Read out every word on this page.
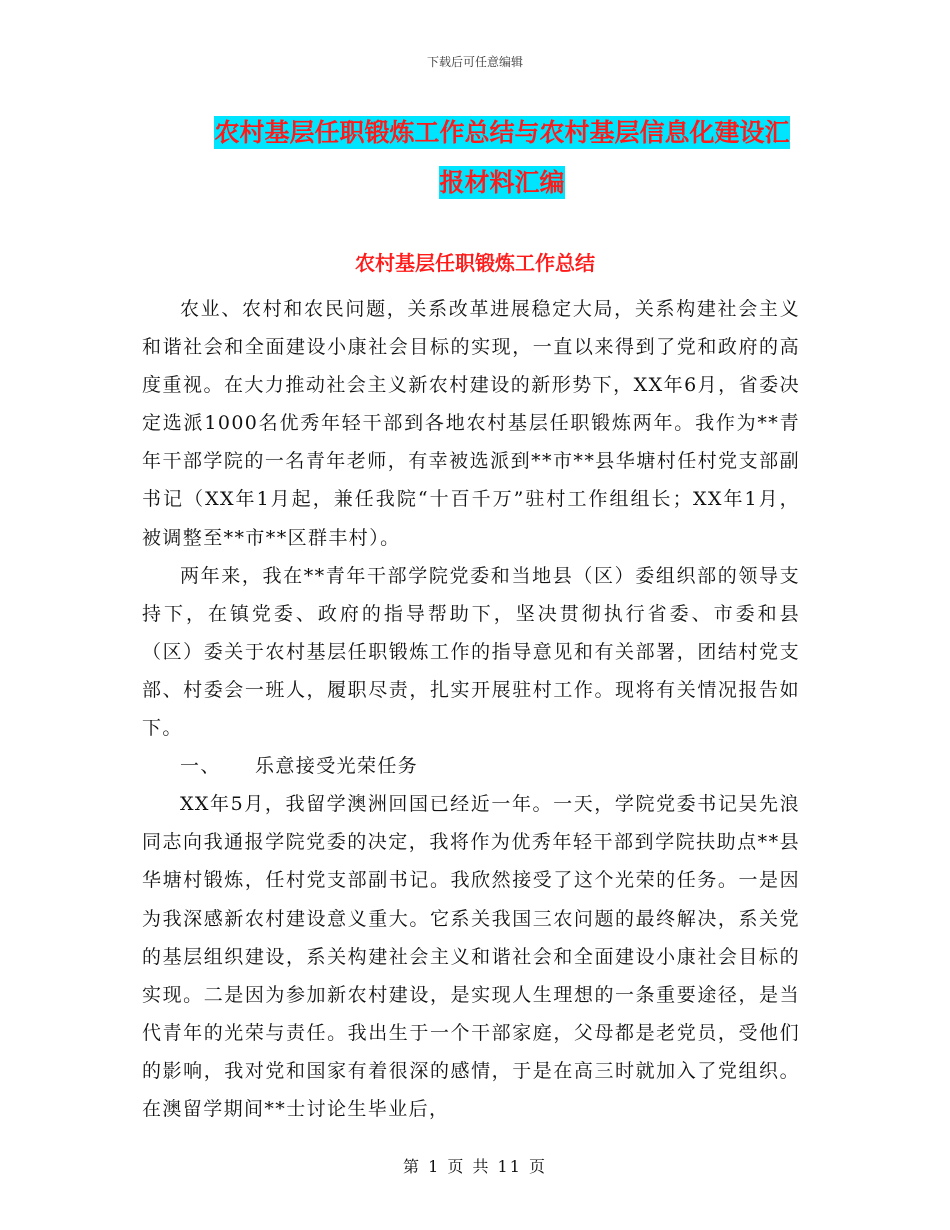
下载后可任意编辑
农村基层任职锻炼工作总结与农村基层信息化建设汇
报材料汇编
农村基层任职锻炼工作总结

农业、农村和农民问题，关系改革进展稳定大局，关系构建社会主义和谐社会和全面建设小康社会目标的实现，一直以来得到了党和政府的高度重视。在大力推动社会主义新农村建设的新形势下，XX年6月，省委决定选派1000名优秀年轻干部到各地农村基层任职锻炼两年。我作为**青年干部学院的一名青年老师，有幸被选派到**市**县华塘村任村党支部副书记（XX年1月起，兼任我院“十百千万”驻村工作组组长；XX年1月，被调整至**市**区群丰村）。

两年来，我在**青年干部学院党委和当地县（区）委组织部的领导支持下，在镇党委、政府的指导帮助下，坚决贯彻执行省委、市委和县（区）委关于农村基层任职锻炼工作的指导意见和有关部署，团结村党支部、村委会一班人，履职尽责，扎实开展驻村工作。现将有关情况报告如下。

一、 乐意接受光荣任务

XX年5月，我留学澳洲回国已经近一年。一天，学院党委书记吴先浪同志向我通报学院党委的决定，我将作为优秀年轻干部到学院扶助点**县华塘村锻炼，任村党支部副书记。我欣然接受了这个光荣的任务。一是因为我深感新农村建设意义重大。它系关我国三农问题的最终解决，系关党的基层组织建设，系关构建社会主义和谐社会和全面建设小康社会目标的实现。二是因为参加新农村建设，是实现人生理想的一条重要途径，是当代青年的光荣与责任。我出生于一个干部家庭，父母都是老党员，受他们的影响，我对党和国家有着很深的感情，于是在高三时就加入了党组织。在澳留学期间**士讨论生毕业后，

第 1 页 共 11 页
